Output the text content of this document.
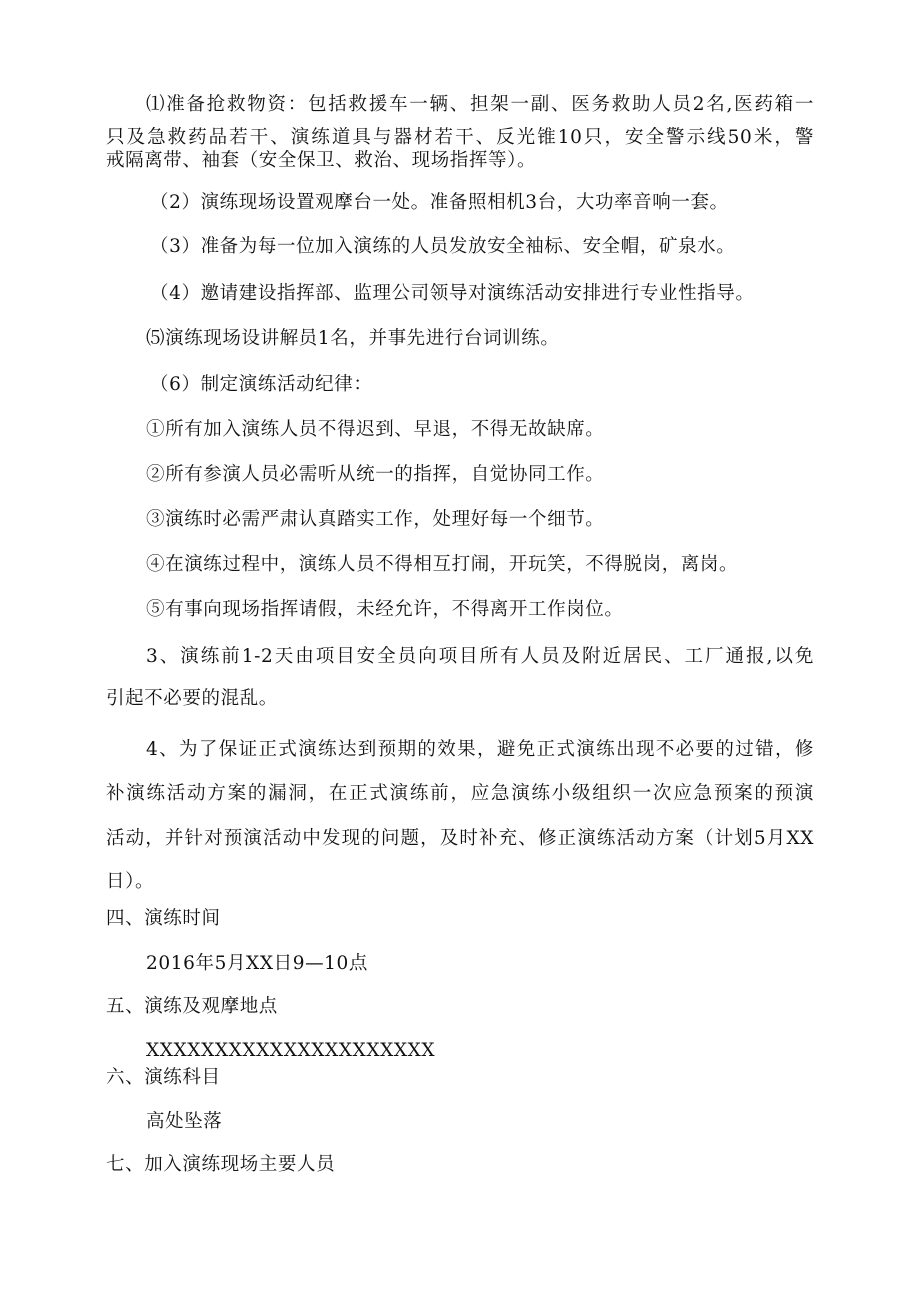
⑴准备抢救物资：包括救援车一辆、担架一副、医务救助人员2名,医药箱一
只及急救药品若干、演练道具与器材若干、反光锥10只，安全警示线50米，警
戒隔离带、袖套（安全保卫、救治、现场指挥等）。
（2）演练现场设置观摩台一处。准备照相机3台，大功率音响一套。
（3）准备为每一位加入演练的人员发放安全袖标、安全帽，矿泉水。
（4）邀请建设指挥部、监理公司领导对演练活动安排进行专业性指导。
⑸演练现场设讲解员1名，并事先进行台词训练。
（6）制定演练活动纪律：
①所有加入演练人员不得迟到、早退，不得无故缺席。
②所有参演人员必需听从统一的指挥，自觉协同工作。
③演练时必需严肃认真踏实工作，处理好每一个细节。
④在演练过程中，演练人员不得相互打闹，开玩笑，不得脱岗，离岗。
⑤有事向现场指挥请假，未经允许，不得离开工作岗位。
3、演练前1-2天由项目安全员向项目所有人员及附近居民、工厂通报,以免
引起不必要的混乱。
4、为了保证正式演练达到预期的效果，避免正式演练出现不必要的过错，修
补演练活动方案的漏洞，在正式演练前，应急演练小级组织一次应急预案的预演
活动，并针对预演活动中发现的问题，及时补充、修正演练活动方案（计划5月XX
日）。
四、演练时间
2016年5月XX日9—10点
五、演练及观摩地点
XXXXXXXXXXXXXXXXXXXXX
六、演练科目
高处坠落
七、加入演练现场主要人员
